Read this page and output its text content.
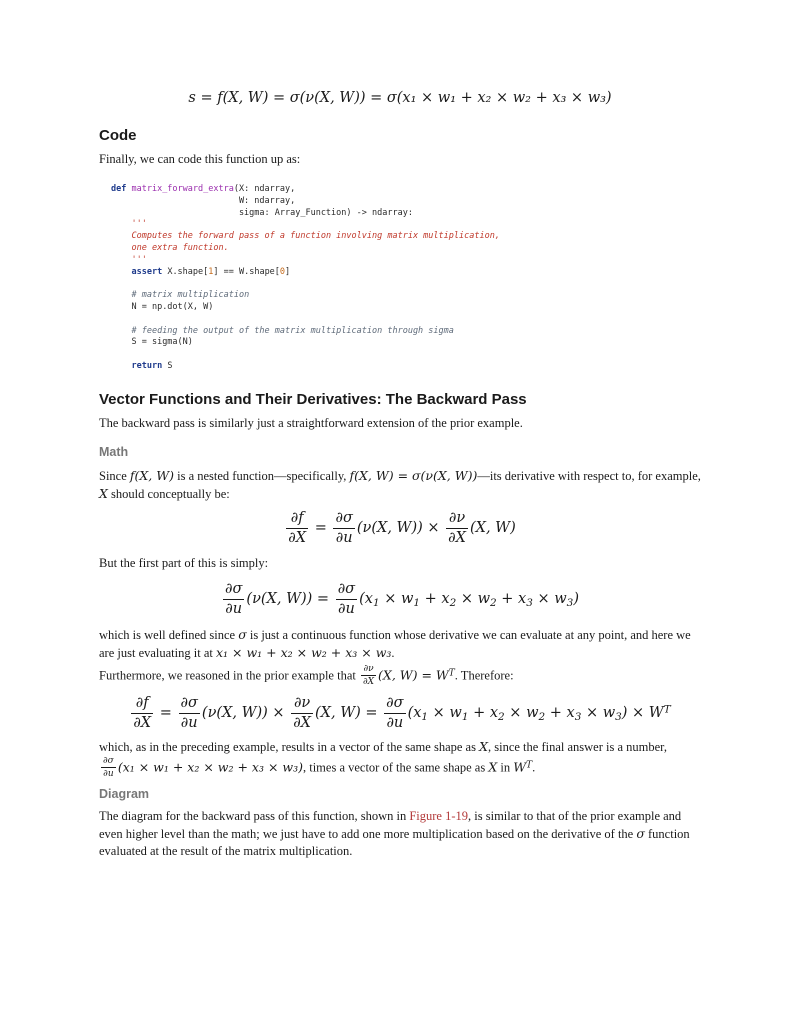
s = f(X, W) = σ(ν(X, W)) = σ(x₁ × w₁ + x₂ × w₂ + x₃ × w₃)
Code

Finally, we can code this function up as:

def matrix_forward_extra(X: ndarray,
W: ndarray,
sigma: Array_Function) -> ndarray:
'''
Computes the forward pass of a function involving matrix multiplication,
one extra function.
'''
assert X.shape[1] == W.shape[0]

# matrix multiplication
N = np.dot(X, W)

# feeding the output of the matrix multiplication through sigma
S = sigma(N)

return S
Vector Functions and Their Derivatives: The Backward Pass

The backward pass is similarly just a straightforward extension of the prior example.

Math

Since f(X, W) is a nested function—specifically, f(X, W) = σ(ν(X, W))—its derivative with respect to, for example,
X should conceptually be:

$\frac{\partial f}{\partial X} = \frac{\partial\sigma}{\partial u} (\nu(X$, $W)) \times \frac{\partial\nu}{\partial X} (X$, W)

But the first part of this is simply:

$\frac{\partial\sigma}{\partial u} (\nu(X$, $W)) = \frac{\partial\sigma}{\partial u} (x_1 \times w_1 + x_2 \times w_2 + x_3 \times w_3)$

which is well defined since σ is just a continuous function whose derivative we can evaluate at any point, and here we are just evaluating it at x₁ × w₁ + x₂ × w₂ + x₃ × w₃.

Furthermore, we reasoned in the prior example that $\frac{\partial\nu}{\partial X} (X$, $W) = W^T$. Therefore:

$\frac{\partial f}{\partial X} = \frac{\partial\sigma}{\partial u} (\nu(X$, $W)) \times \frac{\partial\nu}{\partial X} (X$, $W) = \frac{\partial\sigma}{\partial u} (x_1 \times w_1 + x_2 \times w_2 + x_3 \times w_3) \times W^T$

which, as in the preceding example, results in a vector of the same shape as X, since the final answer is a number,

$\frac{\partial\sigma}{\partial u} (x_1 \times w_1 + x_2 \times w_2 + x_3 \times w_3)$, times a vector of the same shape as X in $W^T$.

Diagram

The diagram for the backward pass of this function, shown in Figure 1-19, is similar to that of the prior example and even higher level than the math; we just have to add one more multiplication based on the derivative of the σ function evaluated at the result of the matrix multiplication.
